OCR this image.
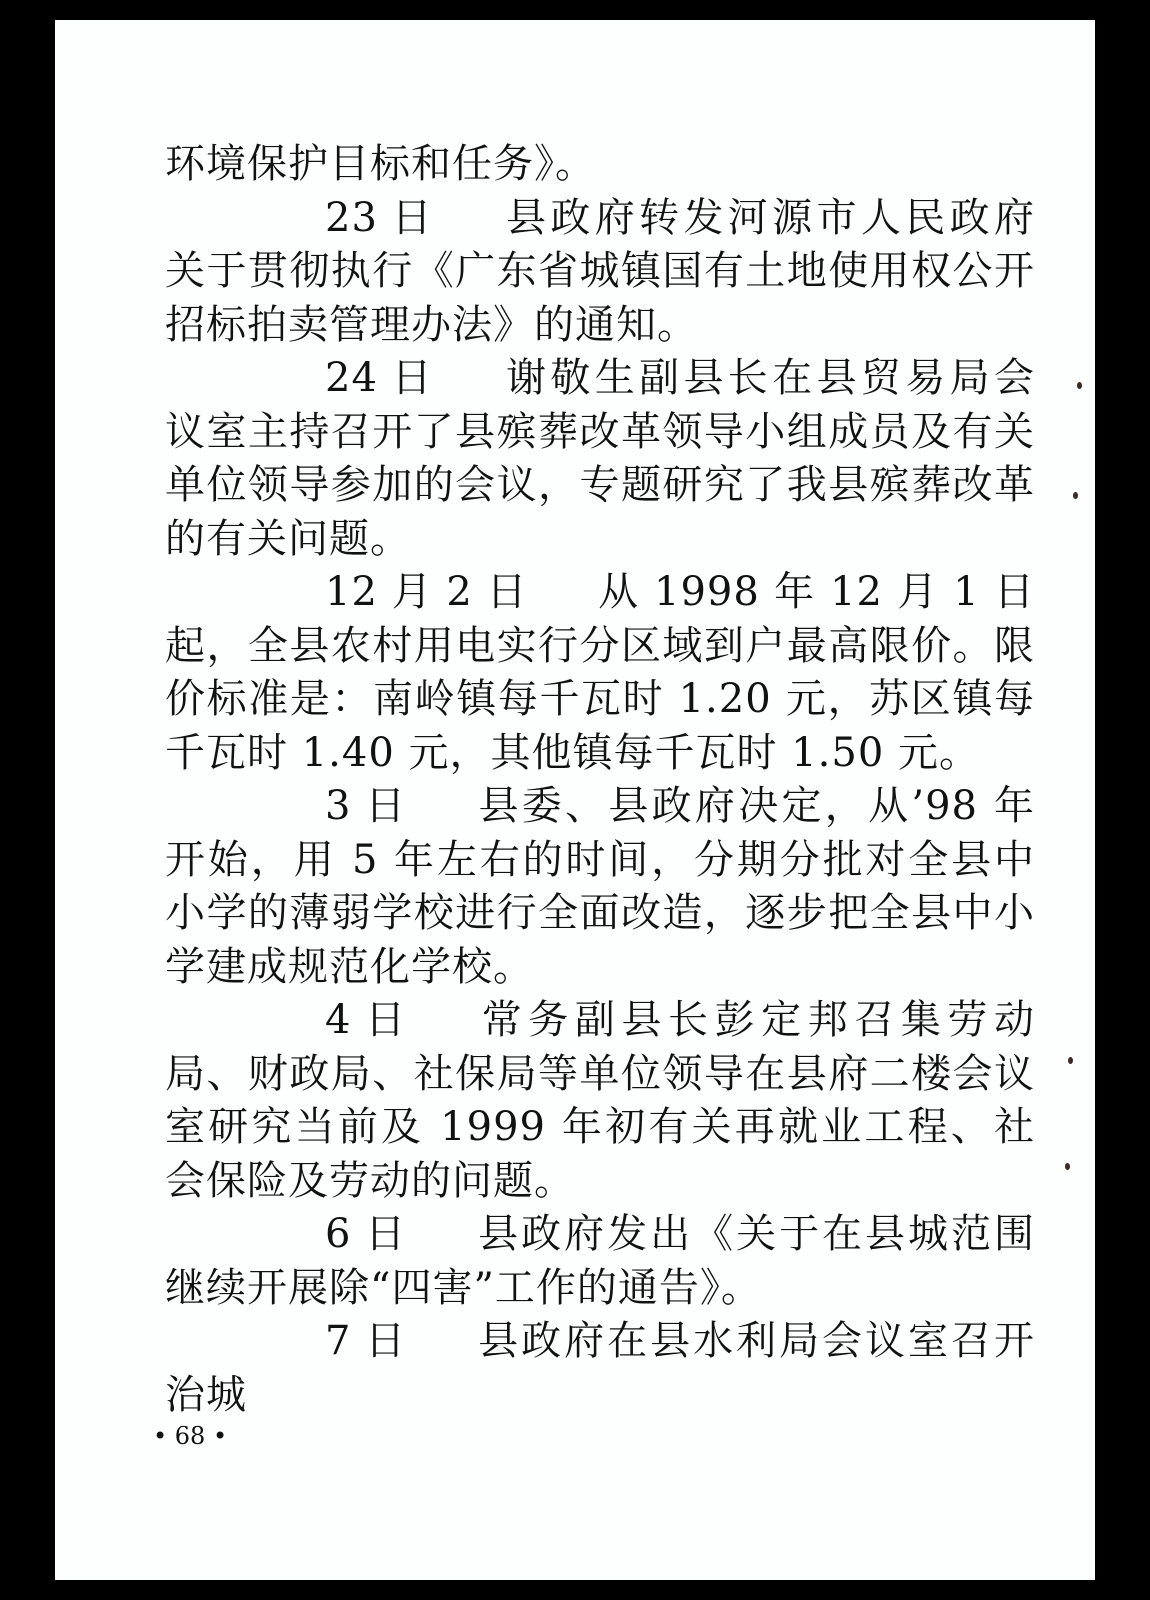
环境保护目标和任务》。

23 日 县政府转发河源市人民政府关于贯彻执行《广东省城镇国有土地使用权公开招标拍卖管理办法》的通知。

24 日 谢敬生副县长在县贸易局会议室主持召开了县殡葬改革领导小组成员及有关单位领导参加的会议，专题研究了我县殡葬改革的有关问题。

12 月 2 日 从 1998 年 12 月 1 日起，全县农村用电实行分区域到户最高限价。限价标准是：南岭镇每千瓦时 1.20 元，苏区镇每千瓦时 1.40 元，其他镇每千瓦时 1.50 元。

3 日 县委、县政府决定，从’98 年开始，用 5 年左右的时间，分期分批对全县中小学的薄弱学校进行全面改造，逐步把全县中小学建成规范化学校。

4 日 常务副县长彭定邦召集劳动局、财政局、社保局等单位领导在县府二楼会议室研究当前及 1999 年初有关再就业工程、社会保险及劳动的问题。

6 日 县政府发出《关于在县城范围继续开展除“四害”工作的通告》。

7 日 县政府在县水利局会议室召开治城

• 68 •
